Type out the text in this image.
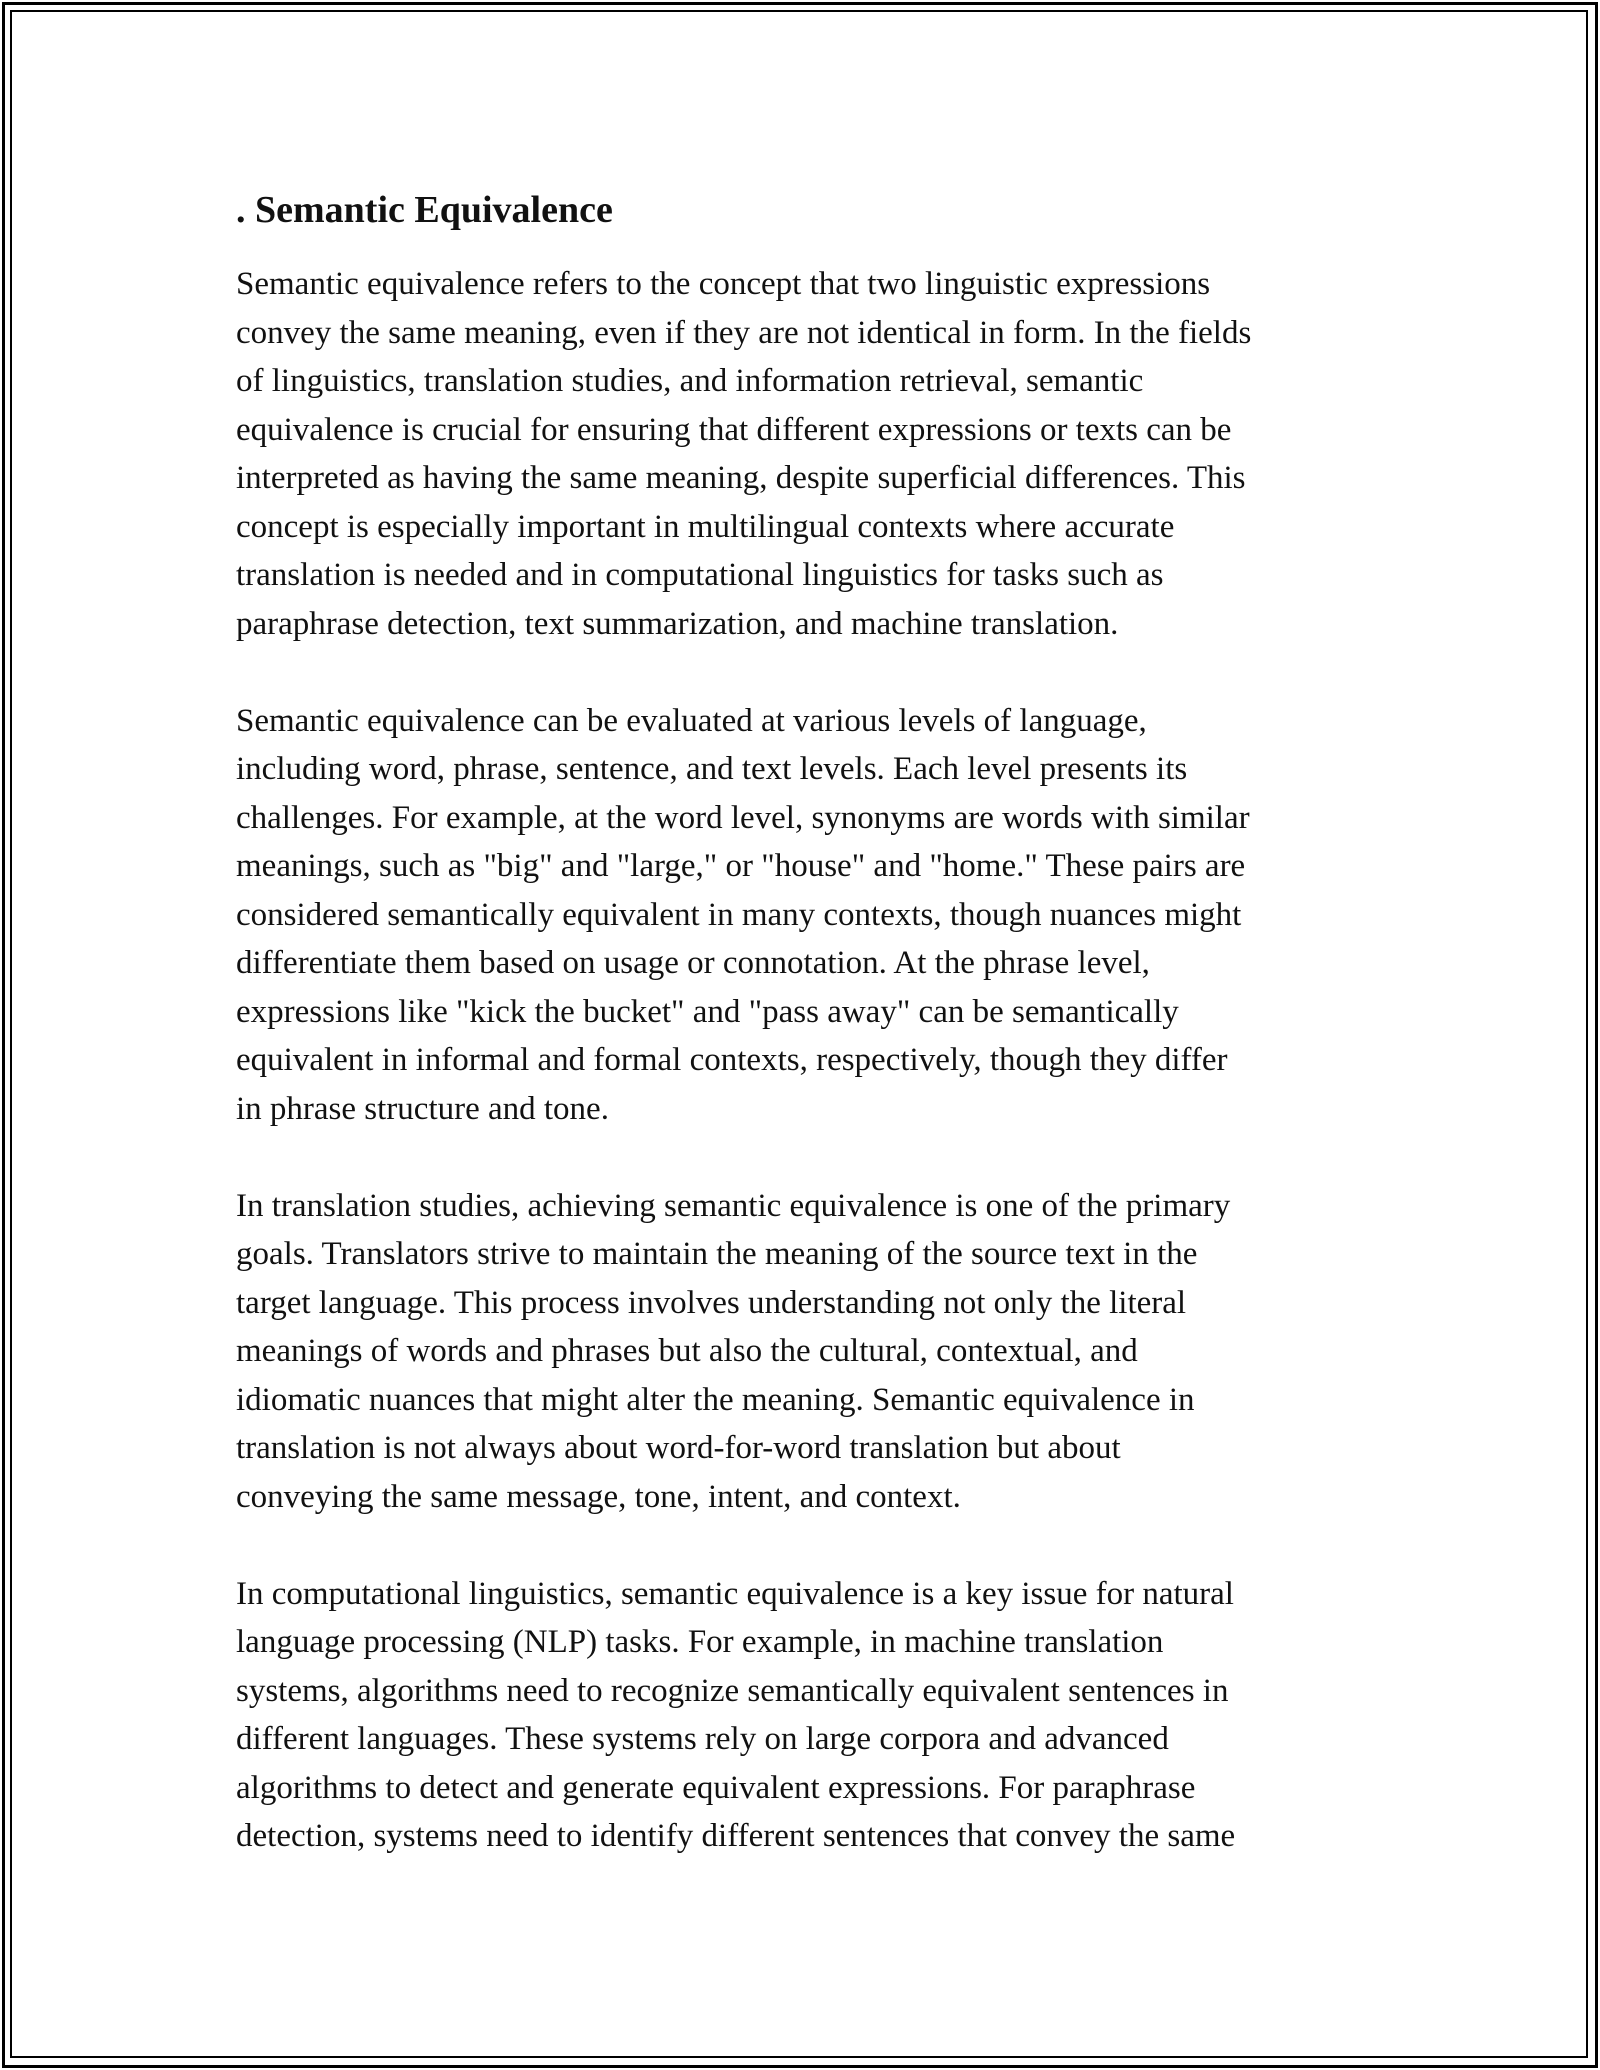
. Semantic Equivalence

Semantic equivalence refers to the concept that two linguistic expressions
convey the same meaning, even if they are not identical in form. In the fields
of linguistics, translation studies, and information retrieval, semantic
equivalence is crucial for ensuring that different expressions or texts can be
interpreted as having the same meaning, despite superficial differences. This
concept is especially important in multilingual contexts where accurate
translation is needed and in computational linguistics for tasks such as
paraphrase detection, text summarization, and machine translation.

Semantic equivalence can be evaluated at various levels of language,
including word, phrase, sentence, and text levels. Each level presents its
challenges. For example, at the word level, synonyms are words with similar
meanings, such as "big" and "large," or "house" and "home." These pairs are
considered semantically equivalent in many contexts, though nuances might
differentiate them based on usage or connotation. At the phrase level,
expressions like "kick the bucket" and "pass away" can be semantically
equivalent in informal and formal contexts, respectively, though they differ
in phrase structure and tone.

In translation studies, achieving semantic equivalence is one of the primary
goals. Translators strive to maintain the meaning of the source text in the
target language. This process involves understanding not only the literal
meanings of words and phrases but also the cultural, contextual, and
idiomatic nuances that might alter the meaning. Semantic equivalence in
translation is not always about word-for-word translation but about
conveying the same message, tone, intent, and context.

In computational linguistics, semantic equivalence is a key issue for natural
language processing (NLP) tasks. For example, in machine translation
systems, algorithms need to recognize semantically equivalent sentences in
different languages. These systems rely on large corpora and advanced
algorithms to detect and generate equivalent expressions. For paraphrase
detection, systems need to identify different sentences that convey the same
